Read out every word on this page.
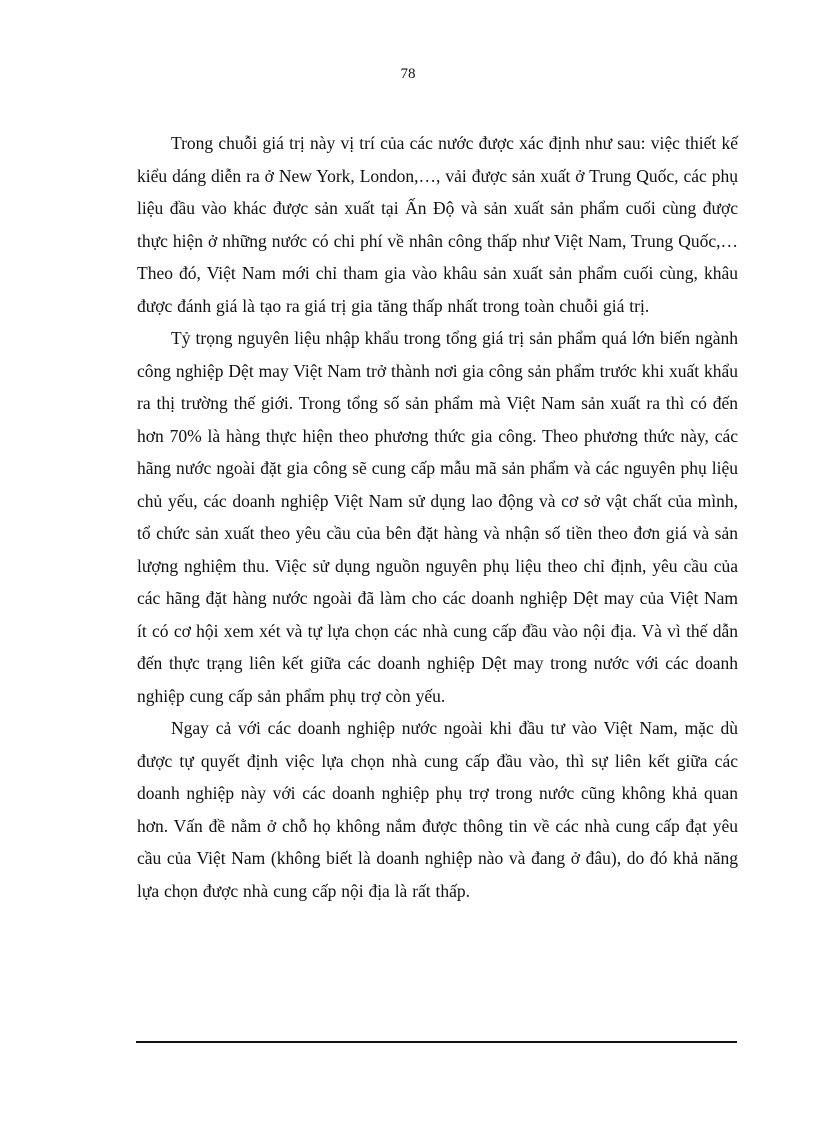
78

Trong chuỗi giá trị này vị trí của các nước được xác định như sau: việc thiết kế kiểu dáng diễn ra ở New York, London,…, vải được sản xuất ở Trung Quốc, các phụ liệu đầu vào khác được sản xuất tại Ấn Độ và sản xuất sản phẩm cuối cùng được thực hiện ở những nước có chi phí về nhân công thấp như Việt Nam, Trung Quốc,… Theo đó, Việt Nam mới chỉ tham gia vào khâu sản xuất sản phẩm cuối cùng, khâu được đánh giá là tạo ra giá trị gia tăng thấp nhất trong toàn chuỗi giá trị.

Tỷ trọng nguyên liệu nhập khẩu trong tổng giá trị sản phẩm quá lớn biến ngành công nghiệp Dệt may Việt Nam trở thành nơi gia công sản phẩm trước khi xuất khẩu ra thị trường thế giới. Trong tổng số sản phẩm mà Việt Nam sản xuất ra thì có đến hơn 70% là hàng thực hiện theo phương thức gia công. Theo phương thức này, các hãng nước ngoài đặt gia công sẽ cung cấp mẫu mã sản phẩm và các nguyên phụ liệu chủ yếu, các doanh nghiệp Việt Nam sử dụng lao động và cơ sở vật chất của mình, tổ chức sản xuất theo yêu cầu của bên đặt hàng và nhận số tiền theo đơn giá và sản lượng nghiệm thu. Việc sử dụng nguồn nguyên phụ liệu theo chỉ định, yêu cầu của các hãng đặt hàng nước ngoài đã làm cho các doanh nghiệp Dệt may của Việt Nam ít có cơ hội xem xét và tự lựa chọn các nhà cung cấp đầu vào nội địa. Và vì thế dẫn đến thực trạng liên kết giữa các doanh nghiệp Dệt may trong nước với các doanh nghiệp cung cấp sản phẩm phụ trợ còn yếu.

Ngay cả với các doanh nghiệp nước ngoài khi đầu tư vào Việt Nam, mặc dù được tự quyết định việc lựa chọn nhà cung cấp đầu vào, thì sự liên kết giữa các doanh nghiệp này với các doanh nghiệp phụ trợ trong nước cũng không khả quan hơn. Vấn đề nằm ở chỗ họ không nắm được thông tin về các nhà cung cấp đạt yêu cầu của Việt Nam (không biết là doanh nghiệp nào và đang ở đâu), do đó khả năng lựa chọn được nhà cung cấp nội địa là rất thấp.
